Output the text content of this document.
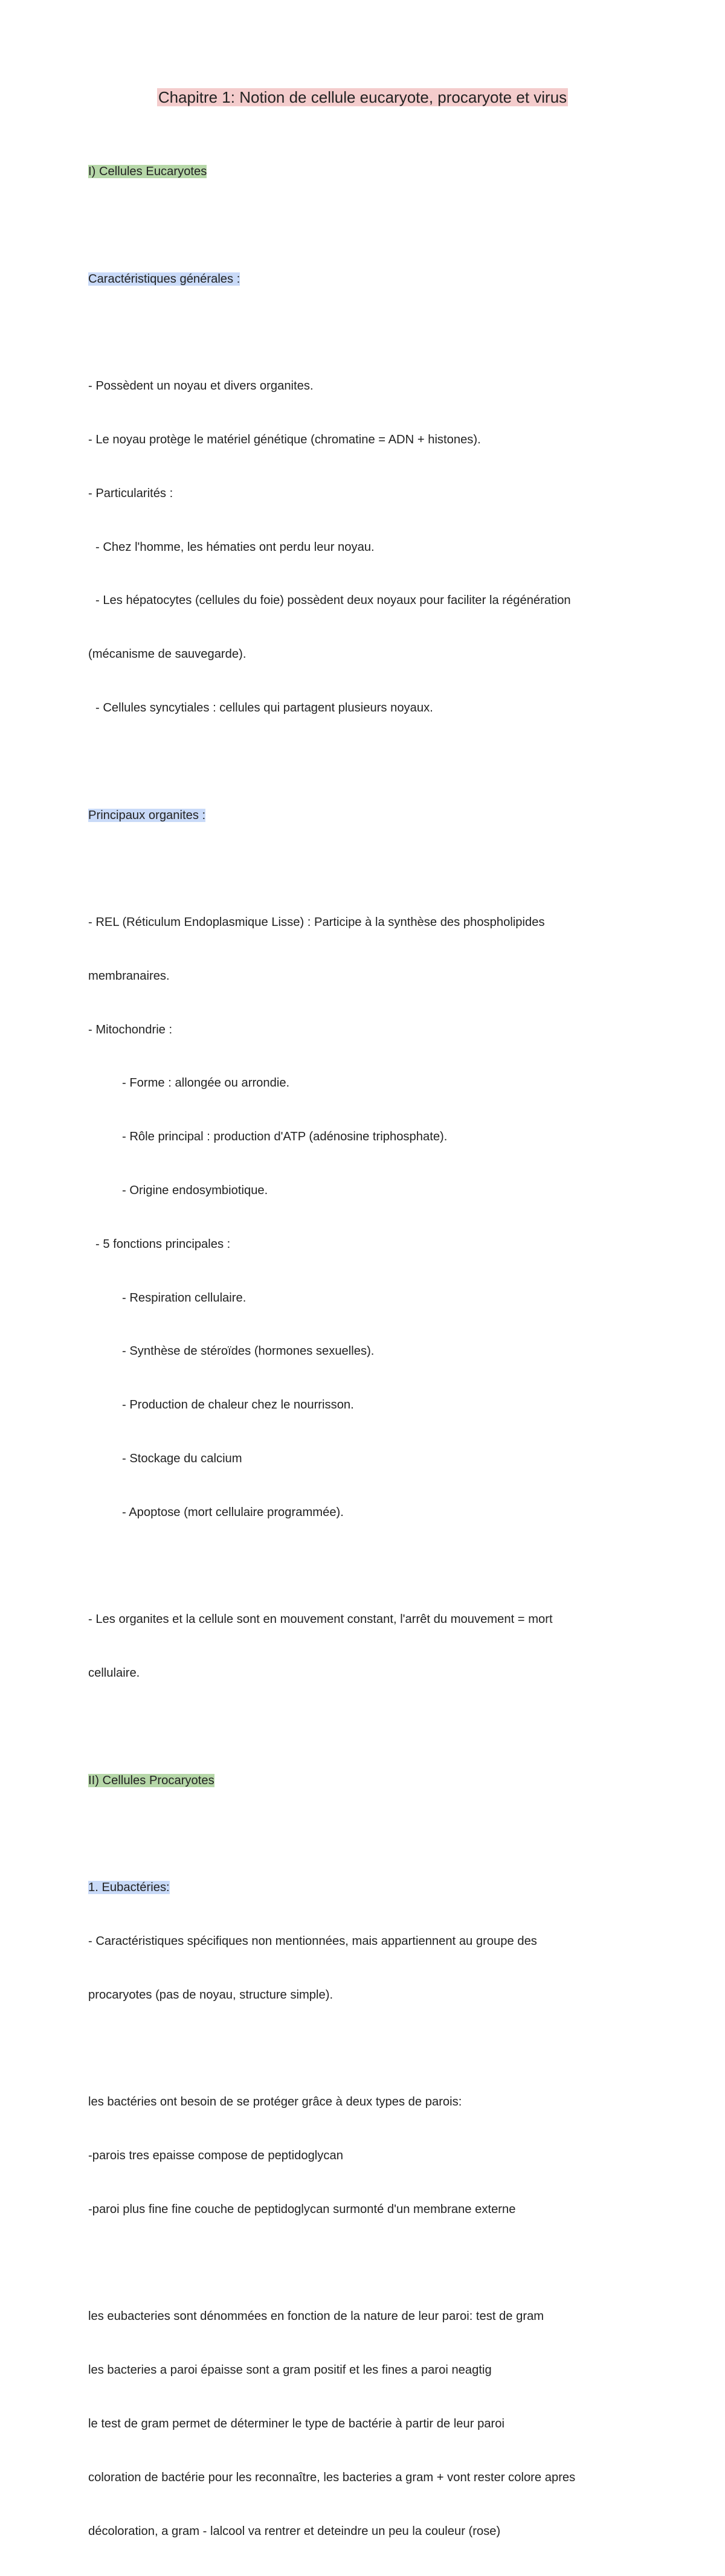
Chapitre 1: Notion de cellule eucaryote, procaryote et virus

I) Cellules Eucaryotes

Caractéristiques générales :

- Possèdent un noyau et divers organites.

- Le noyau protège le matériel génétique (chromatine = ADN + histones).

- Particularités :

- Chez l'homme, les hématies ont perdu leur noyau.

- Les hépatocytes (cellules du foie) possèdent deux noyaux pour faciliter la régénération

(mécanisme de sauvegarde).

- Cellules syncytiales : cellules qui partagent plusieurs noyaux.

Principaux organites :

- REL (Réticulum Endoplasmique Lisse) : Participe à la synthèse des phospholipides

membranaires.

- Mitochondrie :

- Forme : allongée ou arrondie.

- Rôle principal : production d'ATP (adénosine triphosphate).

- Origine endosymbiotique.

- 5 fonctions principales :

- Respiration cellulaire.

- Synthèse de stéroïdes (hormones sexuelles).

- Production de chaleur chez le nourrisson.

- Stockage du calcium

- Apoptose (mort cellulaire programmée).

- Les organites et la cellule sont en mouvement constant, l'arrêt du mouvement = mort

cellulaire.

II) Cellules Procaryotes

1. Eubactéries:

- Caractéristiques spécifiques non mentionnées, mais appartiennent au groupe des

procaryotes (pas de noyau, structure simple).

les bactéries ont besoin de se protéger grâce à deux types de parois:

-parois tres epaisse compose de peptidoglycan

-paroi plus fine fine couche de peptidoglycan surmonté d'un membrane externe

les eubacteries sont dénommées en fonction de la nature de leur paroi: test de gram

les bacteries a paroi épaisse sont a gram positif et les fines a paroi neagtig

le test de gram permet de déterminer le type de bactérie à partir de leur paroi

coloration de bactérie pour les reconnaître, les bacteries a gram + vont rester colore apres

décoloration, a gram - lalcool va rentrer et deteindre un peu la couleur (rose)
